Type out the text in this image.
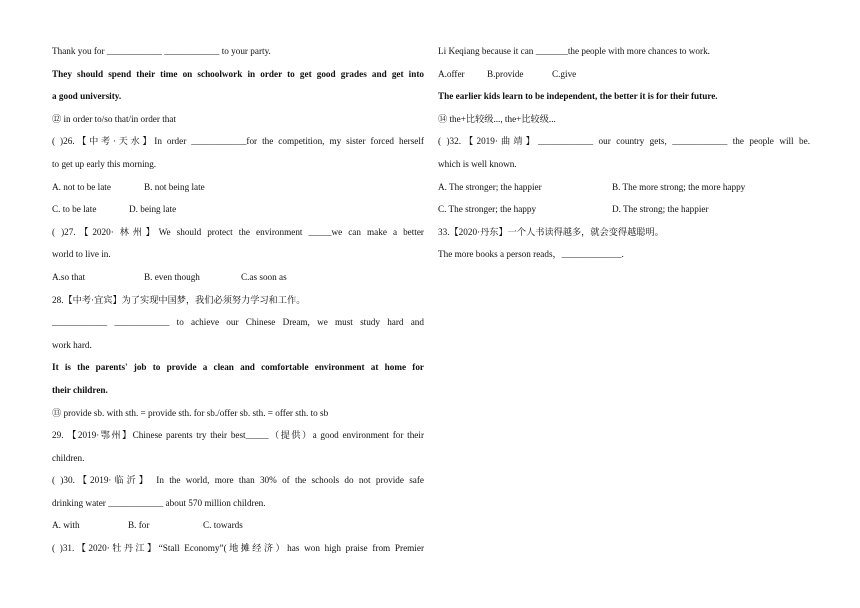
Thank you for ____________ ____________ to your party.
They should spend their time on schoolwork in order to get good grades and get into
a good university.
⑫ in order to/so that/in order that
( )26.【中考·天水】In order ____________for the competition, my sister forced herself
to get up early this morning.
A. not to be late	B. not being late
C. to be late	D. being late
( )27.【2020· 林州】We should protect the environment _____we can make a better
world to live in.
A.so that	B. even though	C.as soon as
28.【中考·宜宾】为了实现中国梦，我们必须努力学习和工作。
____________ ____________ to achieve our Chinese Dream, we must study hard and
work hard.
It is the parents' job to provide a clean and comfortable environment at home for
their children.
⑬ provide sb. with sth. = provide sth. for sb./offer sb. sth. = offer sth. to sb
29. 【2019·鄂州】Chinese parents try their best_____（提供）a good environment for their
children.
( )30.【2019·临沂】 In the world, more than 30% of the schools do not provide safe
drinking water ____________ about 570 million children.
A. with	B. for	C. towards
( )31.【2020·牡丹江】“Stall Economy”(地摊经济）has won high praise from Premier
Li Keqiang because it can _______the people with more chances to work.
A.offer	B.provide	C.give
The earlier kids learn to be independent, the better it is for their future.
⑭ the+比较级..., the+比较级...
( )32.【2019·曲靖】____________ our country gets, ____________ the people will be.
which is well known.
A. The stronger; the happier	B. The more strong; the more happy
C. The stronger; the happy	D. The strong; the happier
33.【2020·丹东】一个人书读得越多，就会变得越聪明。
The more books a person reads，_____________.
